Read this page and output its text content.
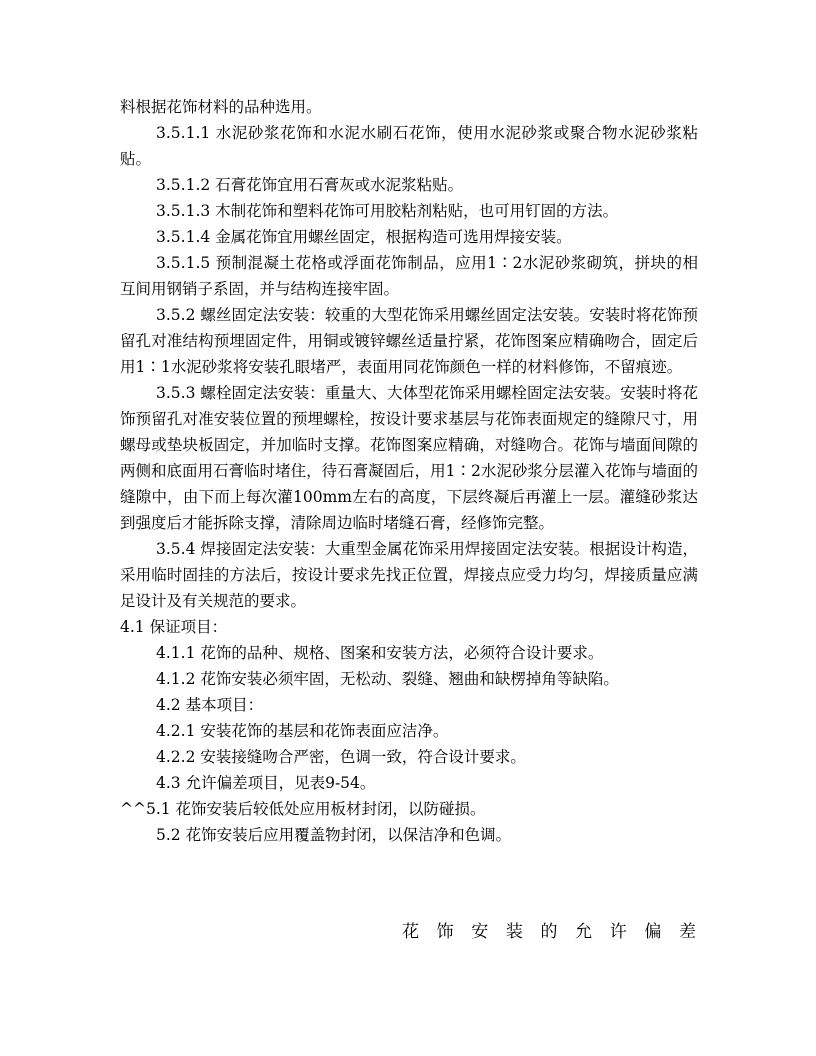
料根据花饰材料的品种选用。

3.5.1.1 水泥砂浆花饰和水泥水刷石花饰，使用水泥砂浆或聚合物水泥砂浆粘贴。

3.5.1.2 石膏花饰宜用石膏灰或水泥浆粘贴。

3.5.1.3 木制花饰和塑料花饰可用胶粘剂粘贴，也可用钉固的方法。

3.5.1.4 金属花饰宜用螺丝固定，根据构造可选用焊接安装。

3.5.1.5 预制混凝土花格或浮面花饰制品，应用1∶2水泥砂浆砌筑，拼块的相互间用钢销子系固，并与结构连接牢固。

3.5.2 螺丝固定法安装：较重的大型花饰采用螺丝固定法安装。安装时将花饰预留孔对准结构预埋固定件，用铜或镀锌螺丝适量拧紧，花饰图案应精确吻合，固定后用1∶1水泥砂浆将安装孔眼堵严，表面用同花饰颜色一样的材料修饰，不留痕迹。

3.5.3 螺栓固定法安装：重量大、大体型花饰采用螺栓固定法安装。安装时将花饰预留孔对准安装位置的预埋螺栓，按设计要求基层与花饰表面规定的缝隙尺寸，用螺母或垫块板固定，并加临时支撑。花饰图案应精确，对缝吻合。花饰与墙面间隙的两侧和底面用石膏临时堵住，待石膏凝固后，用1∶2水泥砂浆分层灌入花饰与墙面的缝隙中，由下而上每次灌100mm左右的高度，下层终凝后再灌上一层。灌缝砂浆达到强度后才能拆除支撑，清除周边临时堵缝石膏，经修饰完整。

3.5.4 焊接固定法安装：大重型金属花饰采用焊接固定法安装。根据设计构造，采用临时固挂的方法后，按设计要求先找正位置，焊接点应受力均匀，焊接质量应满足设计及有关规范的要求。

4.1 保证项目：

4.1.1 花饰的品种、规格、图案和安装方法，必须符合设计要求。

4.1.2 花饰安装必须牢固，无松动、裂缝、翘曲和缺楞掉角等缺陷。

4.2 基本项目：

4.2.1 安装花饰的基层和花饰表面应洁净。

4.2.2 安装接缝吻合严密，色调一致，符合设计要求。

4.3 允许偏差项目，见表9-54。

^^5.1 花饰安装后较低处应用板材封闭，以防碰损。

5.2 花饰安装后应用覆盖物封闭，以保洁净和色调。

花 饰 安 装 的 允 许 偏 差
